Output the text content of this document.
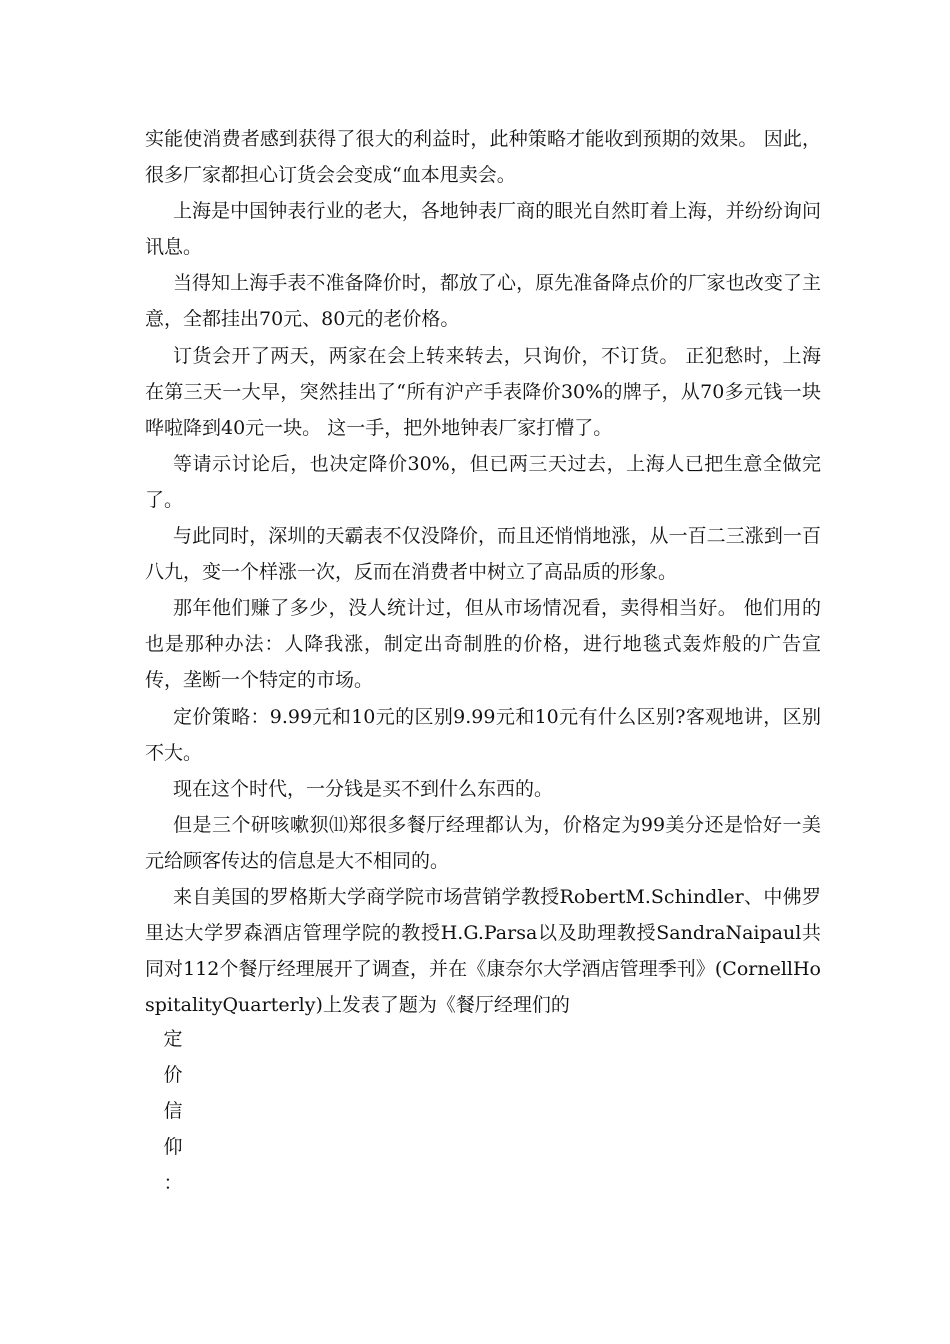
实能使消费者感到获得了很大的利益时，此种策略才能收到预期的效果。 因此，很多厂家都担心订货会会变成“血本甩卖会。

上海是中国钟表行业的老大，各地钟表厂商的眼光自然盯着上海，并纷纷询问讯息。

当得知上海手表不准备降价时，都放了心，原先准备降点价的厂家也改变了主意，全都挂出70元、80元的老价格。

订货会开了两天，两家在会上转来转去，只询价，不订货。 正犯愁时，上海在第三天一大早，突然挂出了“所有沪产手表降价30%的牌子，从70多元钱一块哗啦降到40元一块。 这一手，把外地钟表厂家打懵了。

等请示讨论后，也决定降价30%，但已两三天过去，上海人已把生意全做完了。

与此同时，深圳的天霸表不仅没降价，而且还悄悄地涨，从一百二三涨到一百八九，变一个样涨一次，反而在消费者中树立了高品质的形象。

那年他们赚了多少，没人统计过，但从市场情况看，卖得相当好。 他们用的也是那种办法：人降我涨，制定出奇制胜的价格，进行地毯式轰炸般的广告宣传，垄断一个特定的市场。

定价策略：9.99元和10元的区别9.99元和10元有什么区别?客观地讲，区别不大。

现在这个时代，一分钱是买不到什么东西的。

但是三个研咳嗽狈⑾郑很多餐厅经理都认为，价格定为99美分还是恰好一美元给顾客传达的信息是大不相同的。

来自美国的罗格斯大学商学院市场营销学教授RobertM.Schindler、中佛罗里达大学罗森酒店管理学院的教授H.G.Parsa以及助理教授SandraNaipaul共同对112个餐厅经理展开了调查，并在《康奈尔大学酒店管理季刊》(CornellHospitalityQuarterly)上发表了题为《餐厅经理们的

定
价
信
仰
：
